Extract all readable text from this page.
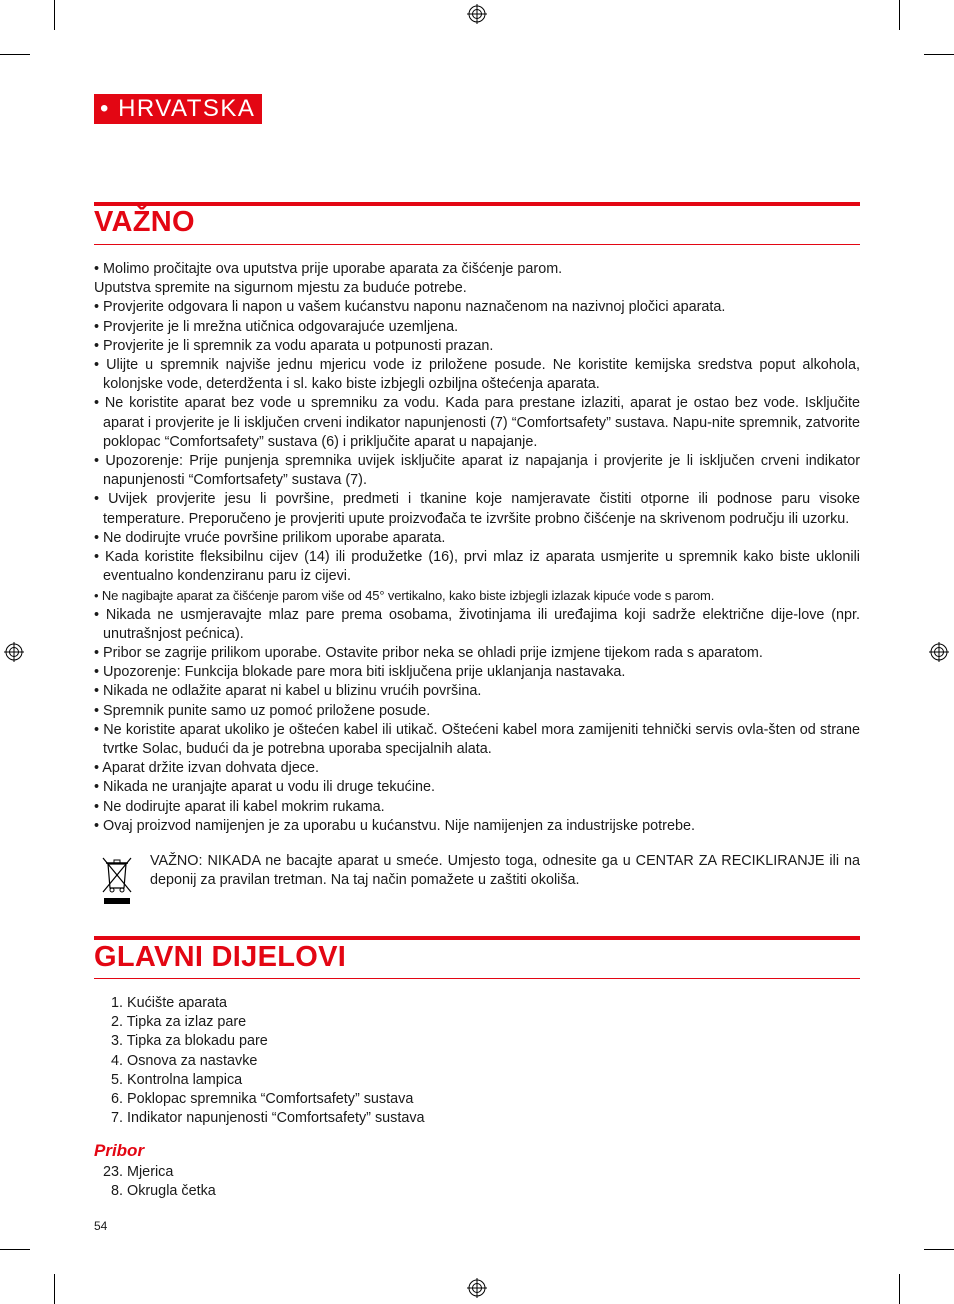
• HRVATSKA
VAŽNO
• Molimo pročitajte ova uputstva prije uporabe aparata za čišćenje parom.
Uputstva spremite na sigurnom mjestu za buduće potrebe.
• Provjerite odgovara li napon u vašem kućanstvu naponu naznačenom na nazivnoj pločici aparata.
• Provjerite je li mrežna utičnica odgovarajuće uzemljena.
• Provjerite je li spremnik za vodu aparata u potpunosti prazan.
• Ulijte u spremnik najviše jednu mjericu vode iz priložene posude. Ne koristite kemijska sredstva poput alkohola, kolonjske vode, deterdženta i sl. kako biste izbjegli ozbiljna oštećenja aparata.
• Ne koristite aparat bez vode u spremniku za vodu. Kada para prestane izlaziti, aparat je ostao bez vode. Isključite aparat i provjerite je li isključen crveni indikator napunjenosti (7) “Comfortsafety” sustava. Napu-nite spremnik, zatvorite poklopac “Comfortsafety” sustava (6) i priključite aparat u napajanje.
• Upozorenje: Prije punjenja spremnika uvijek isključite aparat iz napajanja i provjerite je li isključen crveni indikator napunjenosti “Comfortsafety” sustava (7).
• Uvijek provjerite jesu li površine, predmeti i tkanine koje namjeravate čistiti otporne ili podnose paru visoke temperature. Preporučeno je provjeriti upute proizvođača te izvršite probno čišćenje na skrivenom području ili uzorku.
• Ne dodirujte vruće površine prilikom uporabe aparata.
• Kada koristite fleksibilnu cijev (14) ili produžetke (16), prvi mlaz iz aparata usmjerite u spremnik kako biste uklonili eventualno kondenziranu paru iz cijevi.
• Ne nagibajte aparat za čišćenje parom više od 45° vertikalno, kako biste izbjegli izlazak kipuće vode s parom.
• Nikada ne usmjeravajte mlaz pare prema osobama, životinjama ili uređajima koji sadrže električne dije-love (npr. unutrašnjost pećnica).
• Pribor se zagrije prilikom uporabe. Ostavite pribor neka se ohladi prije izmjene tijekom rada s aparatom.
• Upozorenje: Funkcija blokade pare mora biti isključena prije uklanjanja nastavaka.
• Nikada ne odlažite aparat ni kabel u blizinu vrućih površina.
• Spremnik punite samo uz pomoć priložene posude.
• Ne koristite aparat ukoliko je oštećen kabel ili utikač. Oštećeni kabel mora zamijeniti tehnički servis ovla-šten od strane tvrtke Solac, budući da je potrebna uporaba specijalnih alata.
• Aparat držite izvan dohvata djece.
• Nikada ne uranjajte aparat u vodu ili druge tekućine.
• Ne dodirujte aparat ili kabel mokrim rukama.
• Ovaj proizvod namijenjen je za uporabu u kućanstvu. Nije namijenjen za industrijske potrebe.
VAŽNO: NIKADA ne bacajte aparat u smeće. Umjesto toga, odnesite ga u CENTAR ZA RECIKLIRANJE ili na deponij za pravilan tretman. Na taj način pomažete u zaštiti okoliša.
GLAVNI DIJELOVI
1. Kućište aparata
2. Tipka za izlaz pare
3. Tipka za blokadu pare
4. Osnova za nastavke
5. Kontrolna lampica
6. Poklopac spremnika “Comfortsafety” sustava
7. Indikator napunjenosti “Comfortsafety” sustava
Pribor
23. Mjerica
8. Okrugla četka
54
